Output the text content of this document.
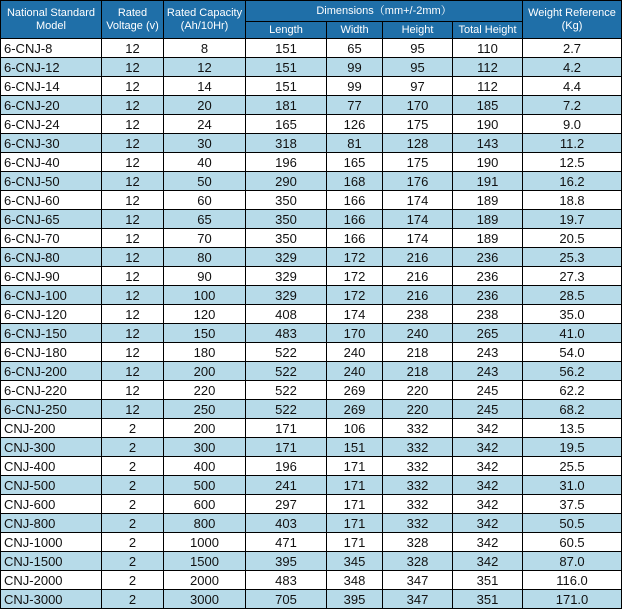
National Standard Model	Rated Voltage (v)	Rated Capacity (Ah/10Hr)	Dimensions（mm+/-2mm）				Weight Reference (Kg)
			Length	Width	Height	Total Height	
6-CNJ-8	12	8	151	65	95	110	2.7
6-CNJ-12	12	12	151	99	95	112	4.2
6-CNJ-14	12	14	151	99	97	112	4.4
6-CNJ-20	12	20	181	77	170	185	7.2
6-CNJ-24	12	24	165	126	175	190	9.0
6-CNJ-30	12	30	318	81	128	143	11.2
6-CNJ-40	12	40	196	165	175	190	12.5
6-CNJ-50	12	50	290	168	176	191	16.2
6-CNJ-60	12	60	350	166	174	189	18.8
6-CNJ-65	12	65	350	166	174	189	19.7
6-CNJ-70	12	70	350	166	174	189	20.5
6-CNJ-80	12	80	329	172	216	236	25.3
6-CNJ-90	12	90	329	172	216	236	27.3
6-CNJ-100	12	100	329	172	216	236	28.5
6-CNJ-120	12	120	408	174	238	238	35.0
6-CNJ-150	12	150	483	170	240	265	41.0
6-CNJ-180	12	180	522	240	218	243	54.0
6-CNJ-200	12	200	522	240	218	243	56.2
6-CNJ-220	12	220	522	269	220	245	62.2
6-CNJ-250	12	250	522	269	220	245	68.2
CNJ-200	2	200	171	106	332	342	13.5
CNJ-300	2	300	171	151	332	342	19.5
CNJ-400	2	400	196	171	332	342	25.5
CNJ-500	2	500	241	171	332	342	31.0
CNJ-600	2	600	297	171	332	342	37.5
CNJ-800	2	800	403	171	332	342	50.5
CNJ-1000	2	1000	471	171	328	342	60.5
CNJ-1500	2	1500	395	345	328	342	87.0
CNJ-2000	2	2000	483	348	347	351	116.0
CNJ-3000	2	3000	705	395	347	351	171.0
